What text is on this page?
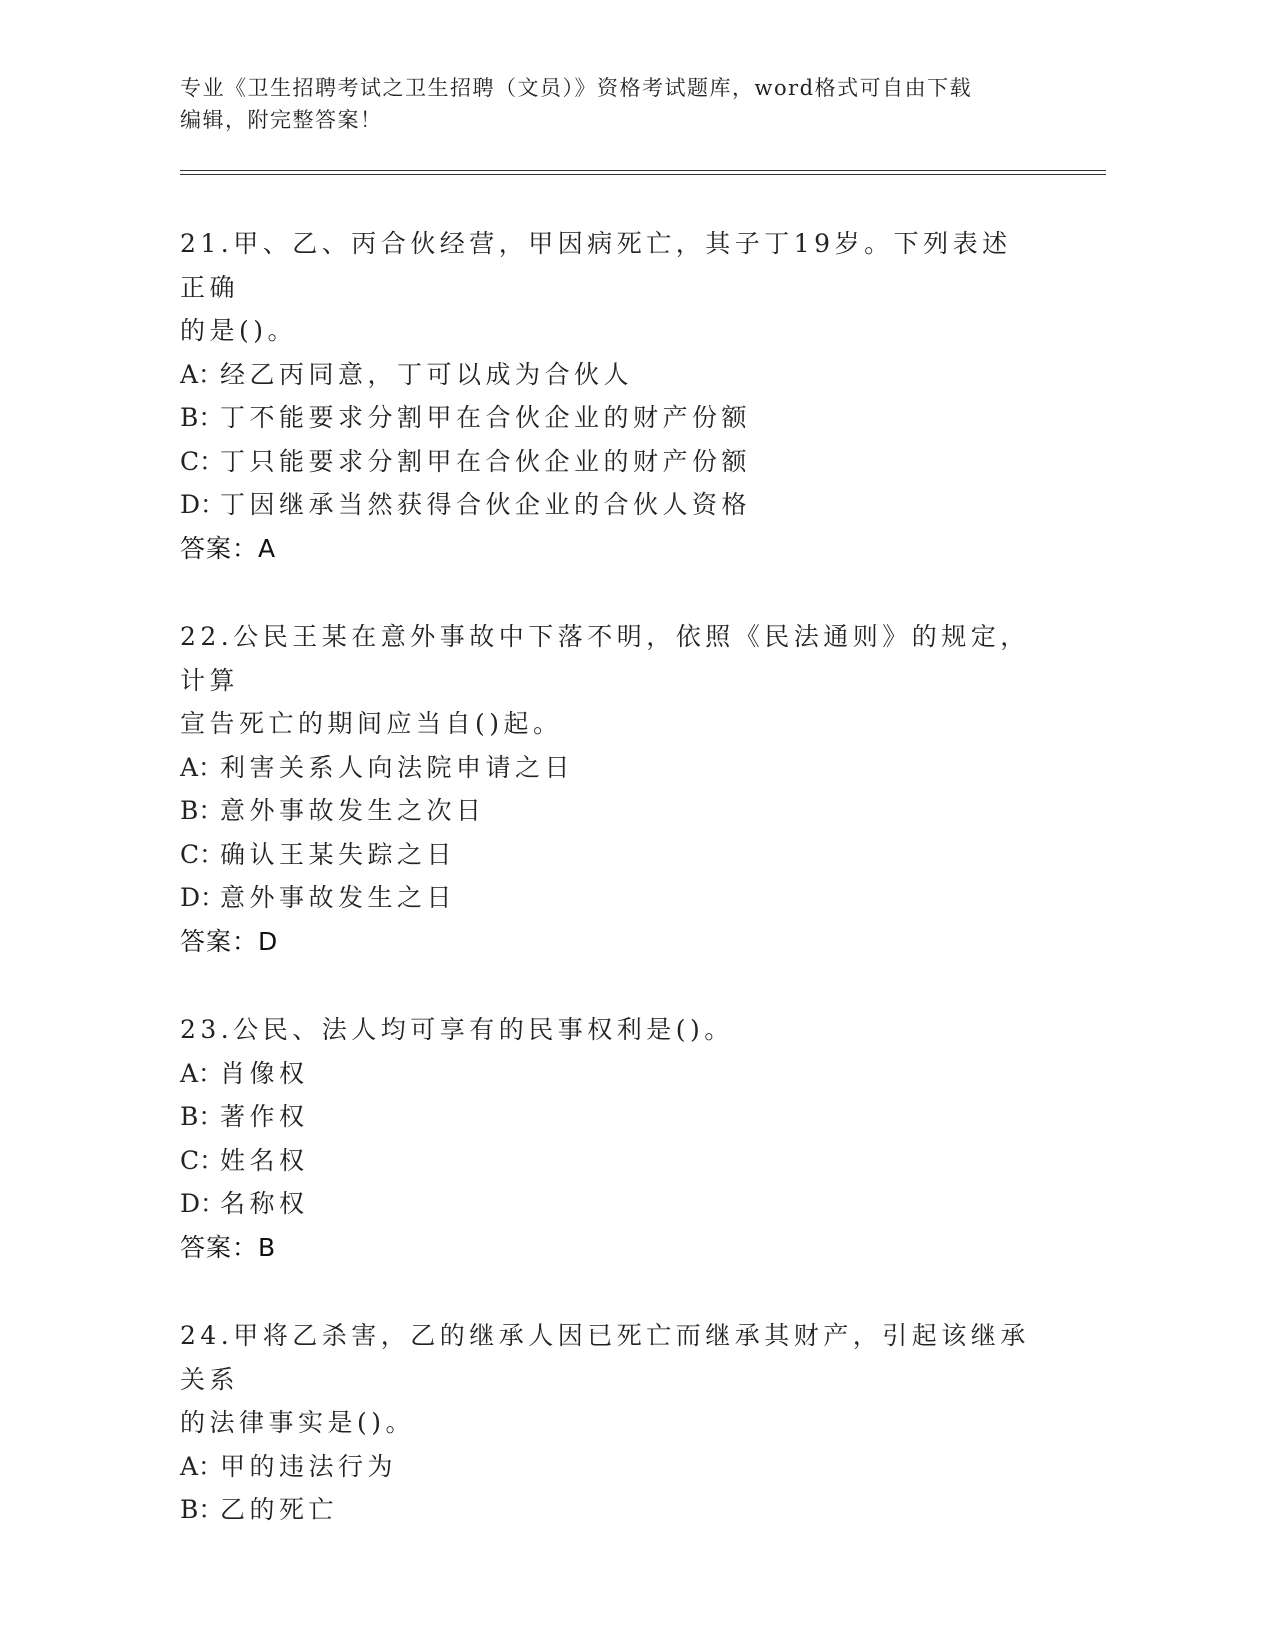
专业《卫生招聘考试之卫生招聘（文员）》资格考试题库，word格式可自由下载
编辑，附完整答案！

21.甲、乙、丙合伙经营，甲因病死亡，其子丁19岁。下列表述正确
的是()。

A：
经乙丙同意，丁可以成为合伙人
B：
丁不能要求分割甲在合伙企业的财产份额
C：
丁只能要求分割甲在合伙企业的财产份额
D：
丁因继承当然获得合伙企业的合伙人资格
答案：A

22.公民王某在意外事故中下落不明，依照《民法通则》的规定，计算
宣告死亡的期间应当自()起。

A：
利害关系人向法院申请之日
B：
意外事故发生之次日
C：
确认王某失踪之日
D：
意外事故发生之日
答案：D

23.公民、法人均可享有的民事权利是()。

A：
肖像权
B：
著作权
C：
姓名权
D：
名称权
答案：B

24.甲将乙杀害，乙的继承人因已死亡而继承其财产，引起该继承关系
的法律事实是()。

A：
甲的违法行为
B：
乙的死亡
